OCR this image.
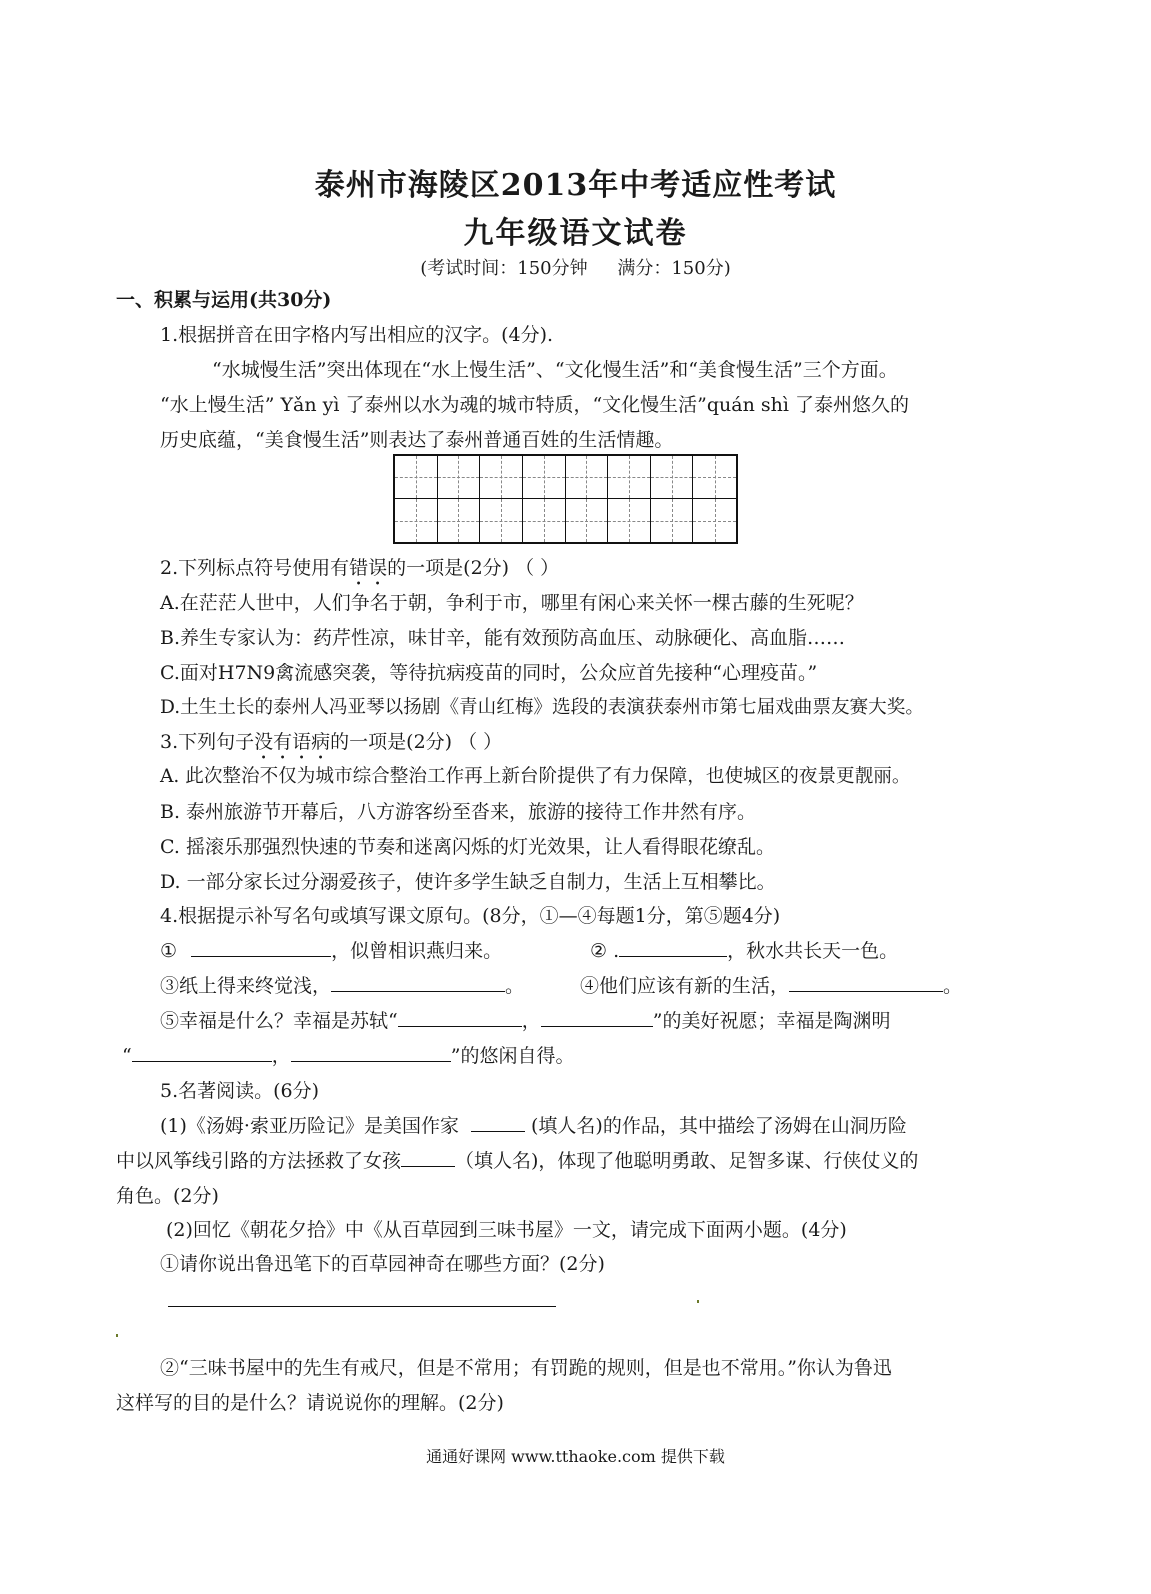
泰州市海陵区2013年中考适应性考试
九年级语文试卷
(考试时间：150分钟 满分：150分)
一、积累与运用(共30分)
1.根据拼音在田字格内写出相应的汉字。(4分).
“水城慢生活”突出体现在“水上慢生活”、“文化慢生活”和“美食慢生活”三个方面。
“水上慢生活” Yǎn yì 了泰州以水为魂的城市特质，“文化慢生活”quán shì 了泰州悠久的
历史底蕴，“美食慢生活”则表达了泰州普通百姓的生活情趣。
2.下列标点符号使用有错误的一项是(2分) （ ）
A.在茫茫人世中，人们争名于朝，争利于市，哪里有闲心来关怀一棵古藤的生死呢？
B.养生专家认为：药芹性凉，味甘辛，能有效预防高血压、动脉硬化、高血脂……
C.面对H7N9禽流感突袭，等待抗病疫苗的同时，公众应首先接种“心理疫苗。”
D.土生土长的泰州人冯亚琴以扬剧《青山红梅》选段的表演获泰州市第七届戏曲票友赛大奖。
3.下列句子没有语病的一项是(2分) （ ）
A. 此次整治不仅为城市综合整治工作再上新台阶提供了有力保障，也使城区的夜景更靓丽。
B. 泰州旅游节开幕后，八方游客纷至沓来，旅游的接待工作井然有序。
C. 摇滚乐那强烈快速的节奏和迷离闪烁的灯光效果，让人看得眼花缭乱。
D. 一部分家长过分溺爱孩子，使许多学生缺乏自制力，生活上互相攀比。
4.根据提示补写名句或填写课文原句。(8分，①—④每题1分，第⑤题4分)
①	，似曾相识燕归来。	② .	，秋水共长天一色。
③纸上得来终觉浅，	。	④他们应该有新的生活，	。
⑤幸福是什么？幸福是苏轼“	，	”的美好祝愿；幸福是陶渊明
“	，	”的悠闲自得。
5.名著阅读。(6分)
(1)《汤姆·索亚历险记》是美国作家	(填人名)的作品，其中描绘了汤姆在山洞历险
中以风筝线引路的方法拯救了女孩	（填人名)，体现了他聪明勇敢、足智多谋、行侠仗义的
角色。(2分)
(2)回忆《朝花夕拾》中《从百草园到三味书屋》一文，请完成下面两小题。(4分)
①请你说出鲁迅笔下的百草园神奇在哪些方面？(2分)
②“三味书屋中的先生有戒尺，但是不常用；有罚跪的规则，但是也不常用。”你认为鲁迅
这样写的目的是什么？请说说你的理解。(2分)
通通好课网 www.tthaoke.com 提供下载
